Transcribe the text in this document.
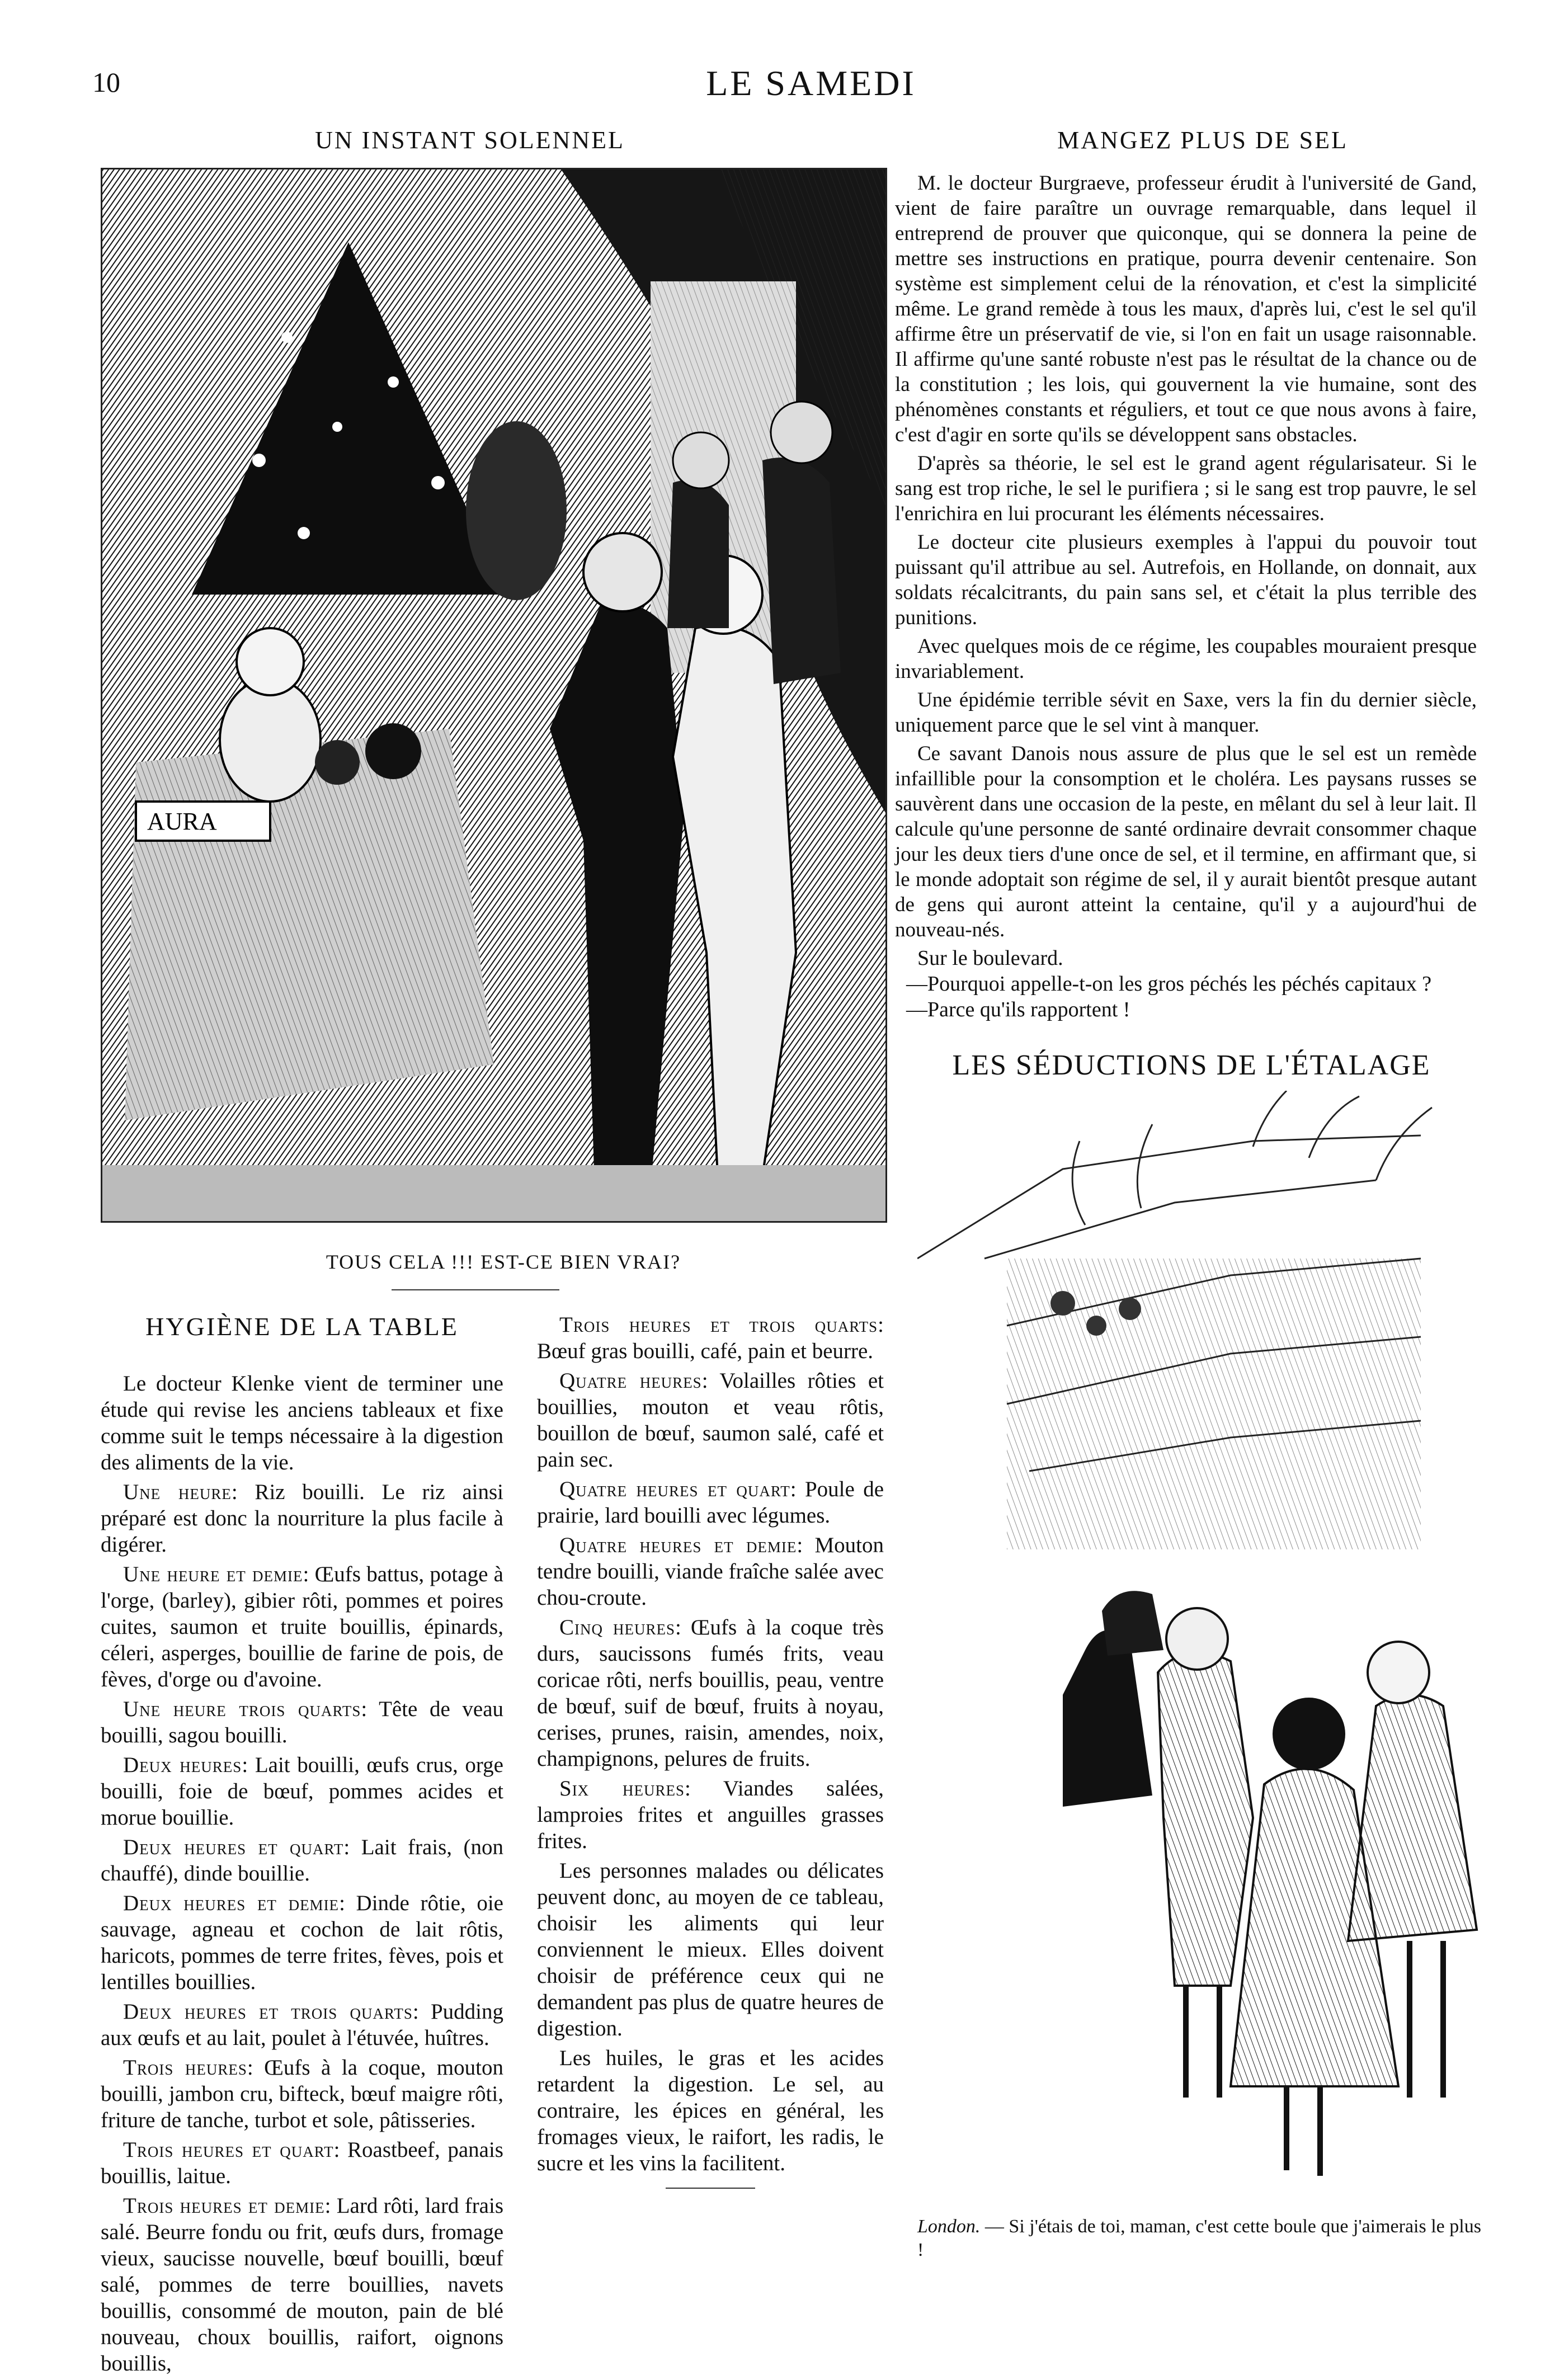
10	LE SAMEDI
UN INSTANT SOLENNEL
AURA
TOUS CELA !!! EST-CE BIEN VRAI?
MANGEZ PLUS DE SEL

M. le docteur Burgraeve, professeur érudit à l'université de Gand, vient de faire paraître un ouvrage remarquable, dans lequel il entreprend de prouver que quiconque, qui se donnera la peine de mettre ses instructions en pratique, pourra devenir centenaire. Son système est simplement celui de la rénovation, et c'est la simplicité même. Le grand remède à tous les maux, d'après lui, c'est le sel qu'il affirme être un préservatif de vie, si l'on en fait un usage raisonnable. Il affirme qu'une santé robuste n'est pas le résultat de la chance ou de la constitution ; les lois, qui gouvernent la vie humaine, sont des phénomènes constants et réguliers, et tout ce que nous avons à faire, c'est d'agir en sorte qu'ils se développent sans obstacles.

D'après sa théorie, le sel est le grand agent régularisateur. Si le sang est trop riche, le sel le purifiera ; si le sang est trop pauvre, le sel l'enrichira en lui procurant les éléments nécessaires.

Le docteur cite plusieurs exemples à l'appui du pouvoir tout puissant qu'il attribue au sel. Autrefois, en Hollande, on donnait, aux soldats récalcitrants, du pain sans sel, et c'était la plus terrible des punitions.

Avec quelques mois de ce régime, les coupables mouraient presque invariablement.

Une épidémie terrible sévit en Saxe, vers la fin du dernier siècle, uniquement parce que le sel vint à manquer.

Ce savant Danois nous assure de plus que le sel est un remède infaillible pour la consomption et le choléra. Les paysans russes se sauvèrent dans une occasion de la peste, en mêlant du sel à leur lait. Il calcule qu'une personne de santé ordinaire devrait consommer chaque jour les deux tiers d'une once de sel, et il termine, en affirmant que, si le monde adoptait son régime de sel, il y aurait bientôt presque autant de gens qui auront atteint la centaine, qu'il y a aujourd'hui de nouveau-nés.

Sur le boulevard.
—Pourquoi appelle-t-on les gros péchés les péchés capitaux ?
—Parce qu'ils rapportent !
LES SÉDUCTIONS DE L'ÉTALAGE
London. — Si j'étais de toi, maman, c'est cette boule que j'aimerais le plus !
HYGIÈNE DE LA TABLE

Le docteur Klenke vient de terminer une étude qui revise les anciens tableaux et fixe comme suit le temps nécessaire à la digestion des aliments de la vie.

Une heure: Riz bouilli. Le riz ainsi préparé est donc la nourriture la plus facile à digérer.

Une heure et demie: Œufs battus, potage à l'orge, (barley), gibier rôti, pommes et poires cuites, saumon et truite bouillis, épinards, céleri, asperges, bouillie de farine de pois, de fèves, d'orge ou d'avoine.

Une heure trois quarts: Tête de veau bouilli, sagou bouilli.

Deux heures: Lait bouilli, œufs crus, orge bouilli, foie de bœuf, pommes acides et morue bouillie.

Deux heures et quart: Lait frais, (non chauffé), dinde bouillie.

Deux heures et demie: Dinde rôtie, oie sauvage, agneau et cochon de lait rôtis, haricots, pommes de terre frites, fèves, pois et lentilles bouillies.

Deux heures et trois quarts: Pudding aux œufs et au lait, poulet à l'étuvée, huîtres.

Trois heures: Œufs à la coque, mouton bouilli, jambon cru, bifteck, bœuf maigre rôti, friture de tanche, turbot et sole, pâtisseries.

Trois heures et quart: Roastbeef, panais bouillis, laitue.

Trois heures et demie: Lard rôti, lard frais salé. Beurre fondu ou frit, œufs durs, fromage vieux, saucisse nouvelle, bœuf bouilli, bœuf salé, pommes de terre bouillies, navets bouillis, consommé de mouton, pain de blé nouveau, choux bouillis, raifort, oignons bouillis,

Trois heures et trois quarts: Bœuf gras bouilli, café, pain et beurre.

Quatre heures: Volailles rôties et bouillies, mouton et veau rôtis, bouillon de bœuf, saumon salé, café et pain sec.

Quatre heures et quart: Poule de prairie, lard bouilli avec légumes.

Quatre heures et demie: Mouton tendre bouilli, viande fraîche salée avec chou-croute.

Cinq heures: Œufs à la coque très durs, saucissons fumés frits, veau coricae rôti, nerfs bouillis, peau, ventre de bœuf, suif de bœuf, fruits à noyau, cerises, prunes, raisin, amendes, noix, champignons, pelures de fruits.

Six heures: Viandes salées, lamproies frites et anguilles grasses frites.

Les personnes malades ou délicates peuvent donc, au moyen de ce tableau, choisir les aliments qui leur conviennent le mieux. Elles doivent choisir de préférence ceux qui ne demandent pas plus de quatre heures de digestion.

Les huiles, le gras et les acides retardent la digestion. Le sel, au contraire, les épices en général, les fromages vieux, le raifort, les radis, le sucre et les vins la facilitent.
